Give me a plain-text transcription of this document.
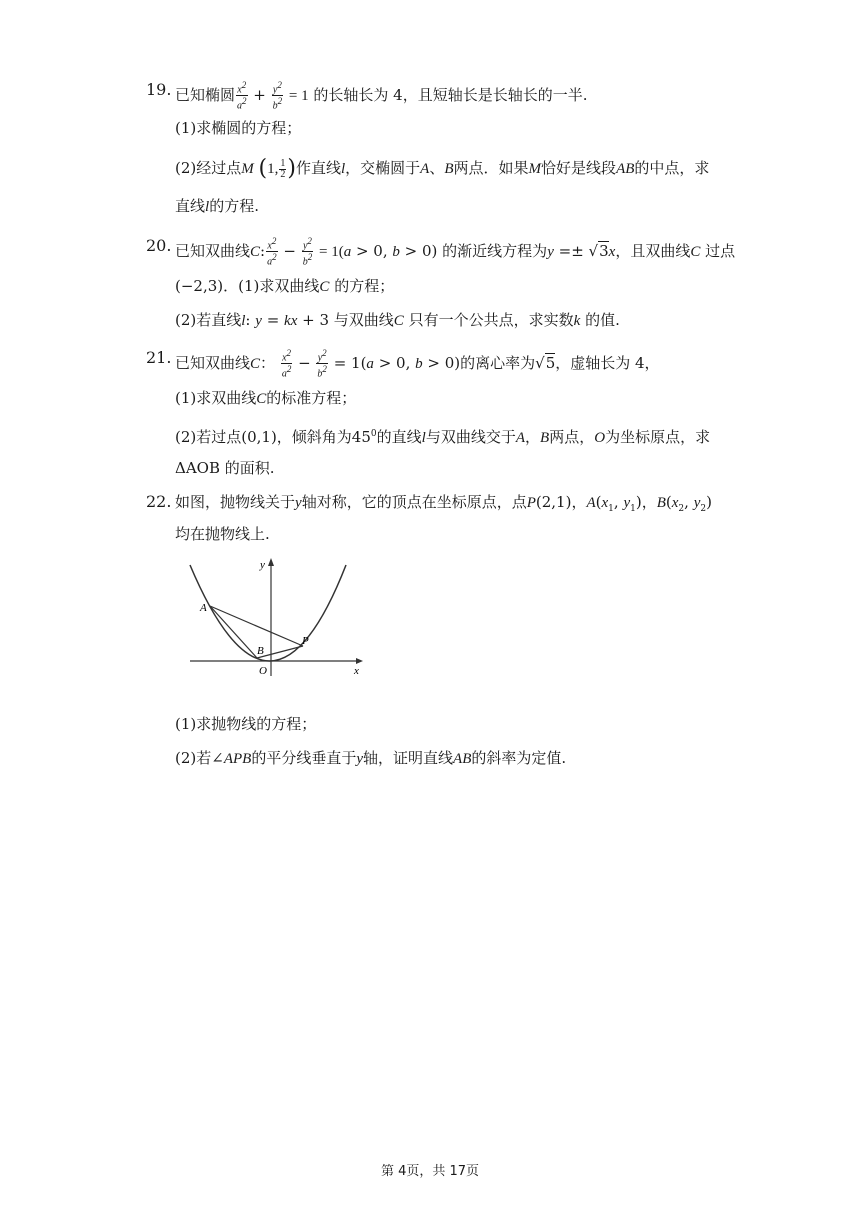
19. 已知椭圆 $\frac{x^2}{a^2} + \frac{y^2}{b^2} = 1$ 的长轴长为 4，且短轴长是长轴长的一半.
(1)求椭圆的方程；
(2)经过点M (1, $\frac{1}{2}$ )作直线l，交椭圆于A、B两点．如果M恰好是线段AB的中点，求
直线l的方程.
20. 已知双曲线C: $\frac{x^2}{a^2} - \frac{y^2}{b^2} = 1(a > 0$, b > 0) 的渐近线方程为y =± √3x，且双曲线C 过点
(−2,3)．(1)求双曲线C 的方程；
(2)若直线l: y = kx + 3 与双曲线C 只有一个公共点，求实数k 的值.
21. 已知双曲线C： $\frac{x^2}{a^2} - \frac{y^2}{b^2} = 1(a > 0$, b > 0)的离心率为√5，虚轴长为 4，
(1)求双曲线C的标准方程；
(2)若过点(0,1)，倾斜角为$45^0$的直线l与双曲线交于A，B两点，O为坐标原点，求
ΔAOB 的面积.
22. 如图，抛物线关于y轴对称，它的顶点在坐标原点，点P(2,1)，$A(x_1$, $y_1$)，$B(x_2$, $y_2$)
均在抛物线上.
y
x
O
A
B
P
(1)求抛物线的方程；
(2)若∠APB的平分线垂直于y轴，证明直线AB的斜率为定值.
第 4页，共 17页
